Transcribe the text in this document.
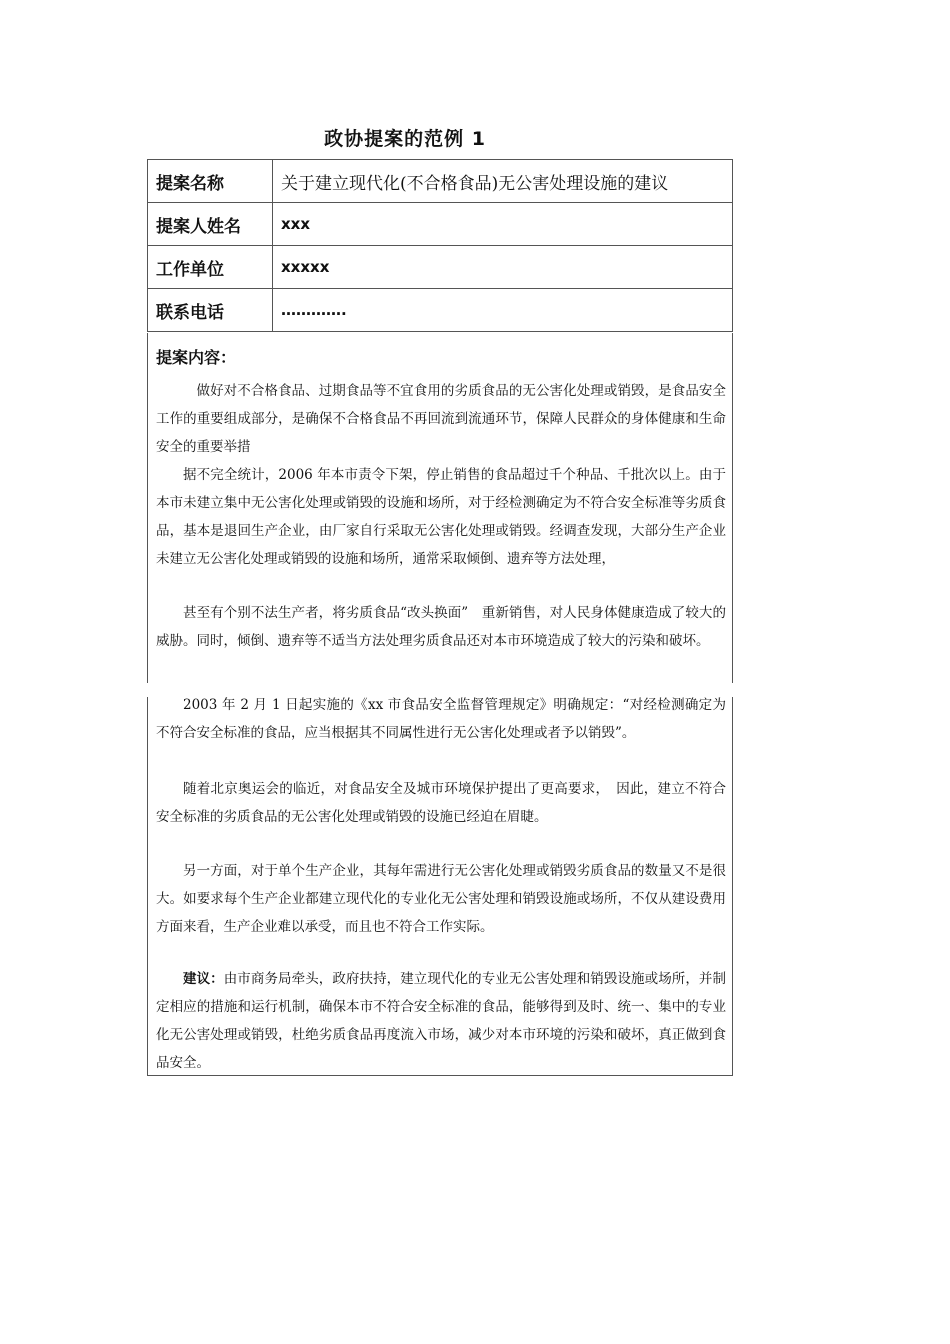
政协提案的范例 1
提案名称	关于建立现代化(不合格食品)无公害处理设施的建议
提案人姓名	xxx
工作单位	xxxxx
联系电话	………….
提案内容：

做好对不合格食品、过期食品等不宜食用的劣质食品的无公害化处理或销毁，是食品安全工作的重要组成部分，是确保不合格食品不再回流到流通环节，保障人民群众的身体健康和生命安全的重要举措

据不完全统计，2006 年本市责令下架，停止销售的食品超过千个种品、千批次以上。由于本市未建立集中无公害化处理或销毁的设施和场所，对于经检测确定为不符合安全标准等劣质食品，基本是退回生产企业，由厂家自行采取无公害化处理或销毁。经调查发现，大部分生产企业未建立无公害化处理或销毁的设施和场所，通常采取倾倒、遗弃等方法处理，

甚至有个别不法生产者，将劣质食品“改头换面”　重新销售，对人民身体健康造成了较大的威胁。同时，倾倒、遗弃等不适当方法处理劣质食品还对本市环境造成了较大的污染和破坏。

2003 年 2 月 1 日起实施的《xx 市食品安全监督管理规定》明确规定：“对经检测确定为不符合安全标准的食品，应当根据其不同属性进行无公害化处理或者予以销毁”。

随着北京奥运会的临近，对食品安全及城市环境保护提出了更高要求，　因此，建立不符合安全标准的劣质食品的无公害化处理或销毁的设施已经迫在眉睫。

另一方面，对于单个生产企业，其每年需进行无公害化处理或销毁劣质食品的数量又不是很大。如要求每个生产企业都建立现代化的专业化无公害处理和销毁设施或场所，不仅从建设费用方面来看，生产企业难以承受，而且也不符合工作实际。

建议：由市商务局牵头，政府扶持，建立现代化的专业无公害处理和销毁设施或场所，并制定相应的措施和运行机制，确保本市不符合安全标准的食品，能够得到及时、统一、集中的专业化无公害处理或销毁，杜绝劣质食品再度流入市场，减少对本市环境的污染和破坏，真正做到食品安全。
